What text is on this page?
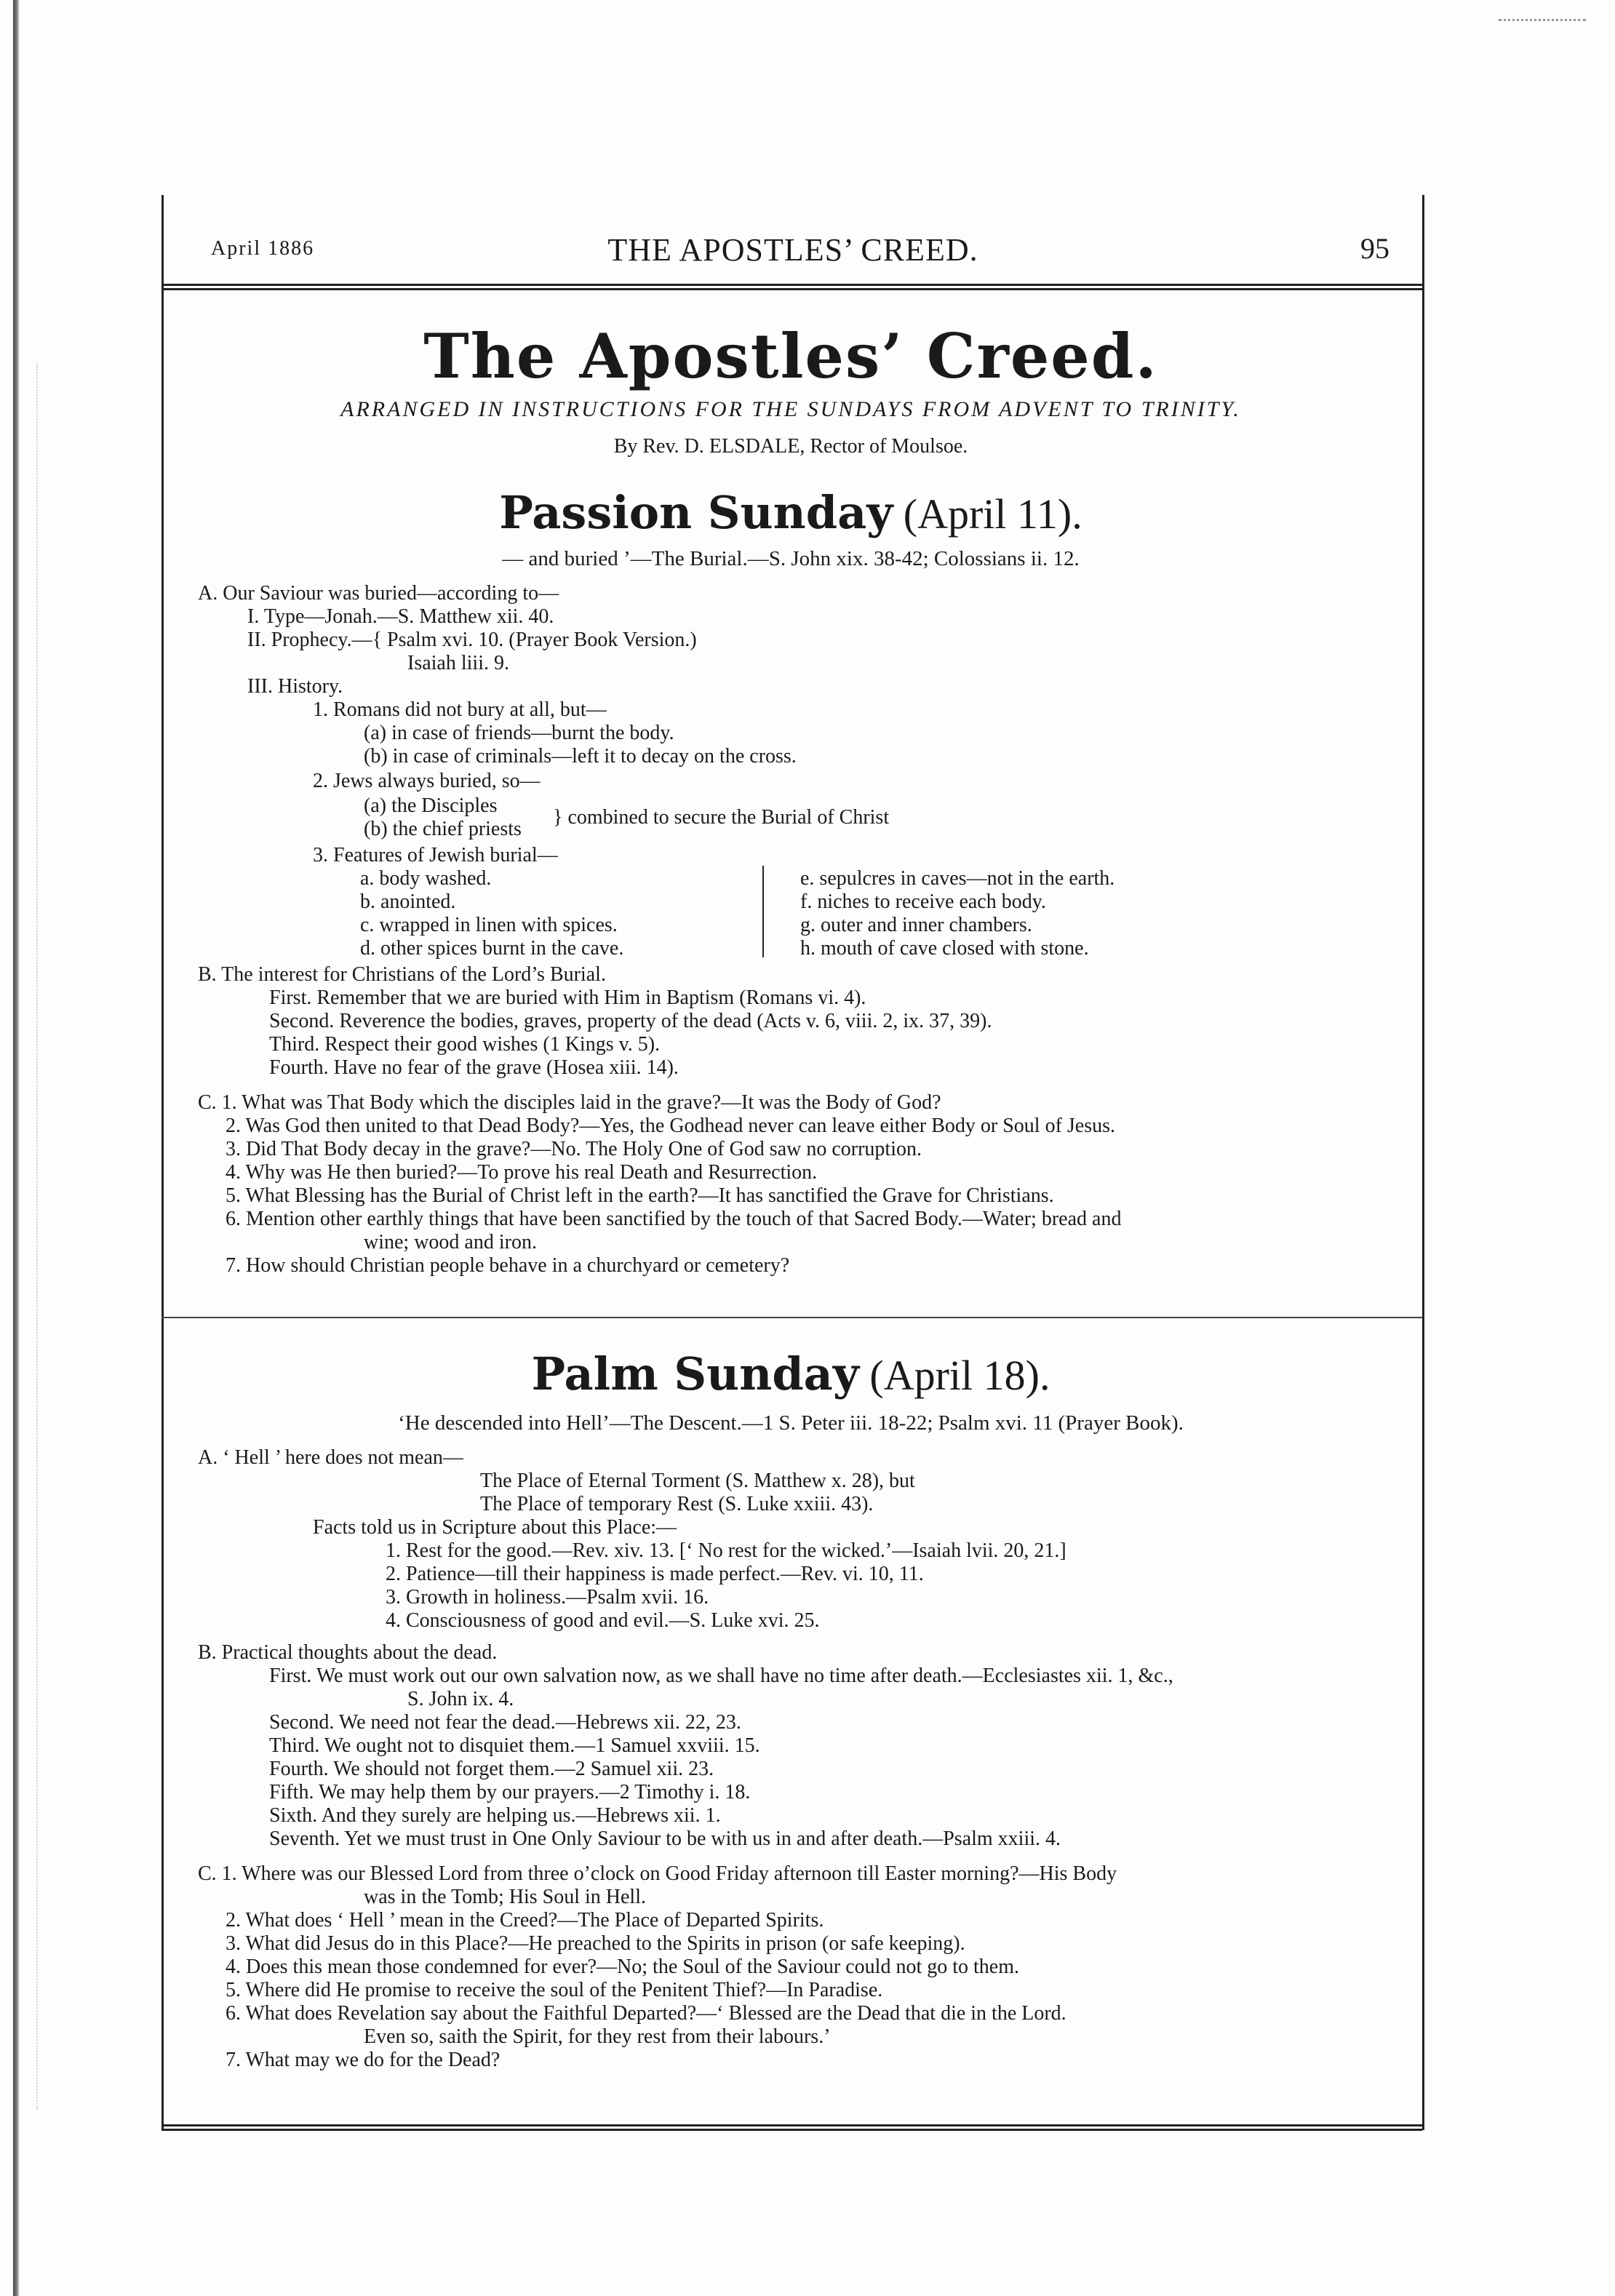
April 1886	THE APOSTLES’ CREED.	95
The Apostles’ Creed.
ARRANGED IN INSTRUCTIONS FOR THE SUNDAYS FROM ADVENT TO TRINITY.
By Rev. D. ELSDALE, Rector of Moulsoe.
Passion Sunday (April 11).
— and buried ’—The Burial.—S. John xix. 38-42; Colossians ii. 12.
A. Our Saviour was buried—according to—
I. Type—Jonah.—S. Matthew xii. 40.
II. Prophecy.—{ Psalm xvi. 10. (Prayer Book Version.)
Isaiah liii. 9.
III. History.
1. Romans did not bury at all, but—
(a) in case of friends—burnt the body.
(b) in case of criminals—left it to decay on the cross.
2. Jews always buried, so—
(a) the Disciples
} combined to secure the Burial of Christ
(b) the chief priests
3. Features of Jewish burial—
a. body washed.
b. anointed.
c. wrapped in linen with spices.
d. other spices burnt in the cave.
e. sepulcres in caves—not in the earth.
f. niches to receive each body.
g. outer and inner chambers.
h. mouth of cave closed with stone.
B. The interest for Christians of the Lord’s Burial.
First. Remember that we are buried with Him in Baptism (Romans vi. 4).
Second. Reverence the bodies, graves, property of the dead (Acts v. 6, viii. 2, ix. 37, 39).
Third. Respect their good wishes (1 Kings v. 5).
Fourth. Have no fear of the grave (Hosea xiii. 14).
C. 1. What was That Body which the disciples laid in the grave?—It was the Body of God?
2. Was God then united to that Dead Body?—Yes, the Godhead never can leave either Body or Soul of Jesus.
3. Did That Body decay in the grave?—No. The Holy One of God saw no corruption.
4. Why was He then buried?—To prove his real Death and Resurrection.
5. What Blessing has the Burial of Christ left in the earth?—It has sanctified the Grave for Christians.
6. Mention other earthly things that have been sanctified by the touch of that Sacred Body.—Water; bread and
wine; wood and iron.
7. How should Christian people behave in a churchyard or cemetery?
Palm Sunday (April 18).
‘He descended into Hell’—The Descent.—1 S. Peter iii. 18-22; Psalm xvi. 11 (Prayer Book).
A. ‘ Hell ’ here does not mean—
The Place of Eternal Torment (S. Matthew x. 28), but
The Place of temporary Rest (S. Luke xxiii. 43).
Facts told us in Scripture about this Place:—
1. Rest for the good.—Rev. xiv. 13. [‘ No rest for the wicked.’—Isaiah lvii. 20, 21.]
2. Patience—till their happiness is made perfect.—Rev. vi. 10, 11.
3. Growth in holiness.—Psalm xvii. 16.
4. Consciousness of good and evil.—S. Luke xvi. 25.
B. Practical thoughts about the dead.
First. We must work out our own salvation now, as we shall have no time after death.—Ecclesiastes xii. 1, &c.,
S. John ix. 4.
Second. We need not fear the dead.—Hebrews xii. 22, 23.
Third. We ought not to disquiet them.—1 Samuel xxviii. 15.
Fourth. We should not forget them.—2 Samuel xii. 23.
Fifth. We may help them by our prayers.—2 Timothy i. 18.
Sixth. And they surely are helping us.—Hebrews xii. 1.
Seventh. Yet we must trust in One Only Saviour to be with us in and after death.—Psalm xxiii. 4.
C. 1. Where was our Blessed Lord from three o’clock on Good Friday afternoon till Easter morning?—His Body
was in the Tomb; His Soul in Hell.
2. What does ‘ Hell ’ mean in the Creed?—The Place of Departed Spirits.
3. What did Jesus do in this Place?—He preached to the Spirits in prison (or safe keeping).
4. Does this mean those condemned for ever?—No; the Soul of the Saviour could not go to them.
5. Where did He promise to receive the soul of the Penitent Thief?—In Paradise.
6. What does Revelation say about the Faithful Departed?—‘ Blessed are the Dead that die in the Lord.
Even so, saith the Spirit, for they rest from their labours.’
7. What may we do for the Dead?
